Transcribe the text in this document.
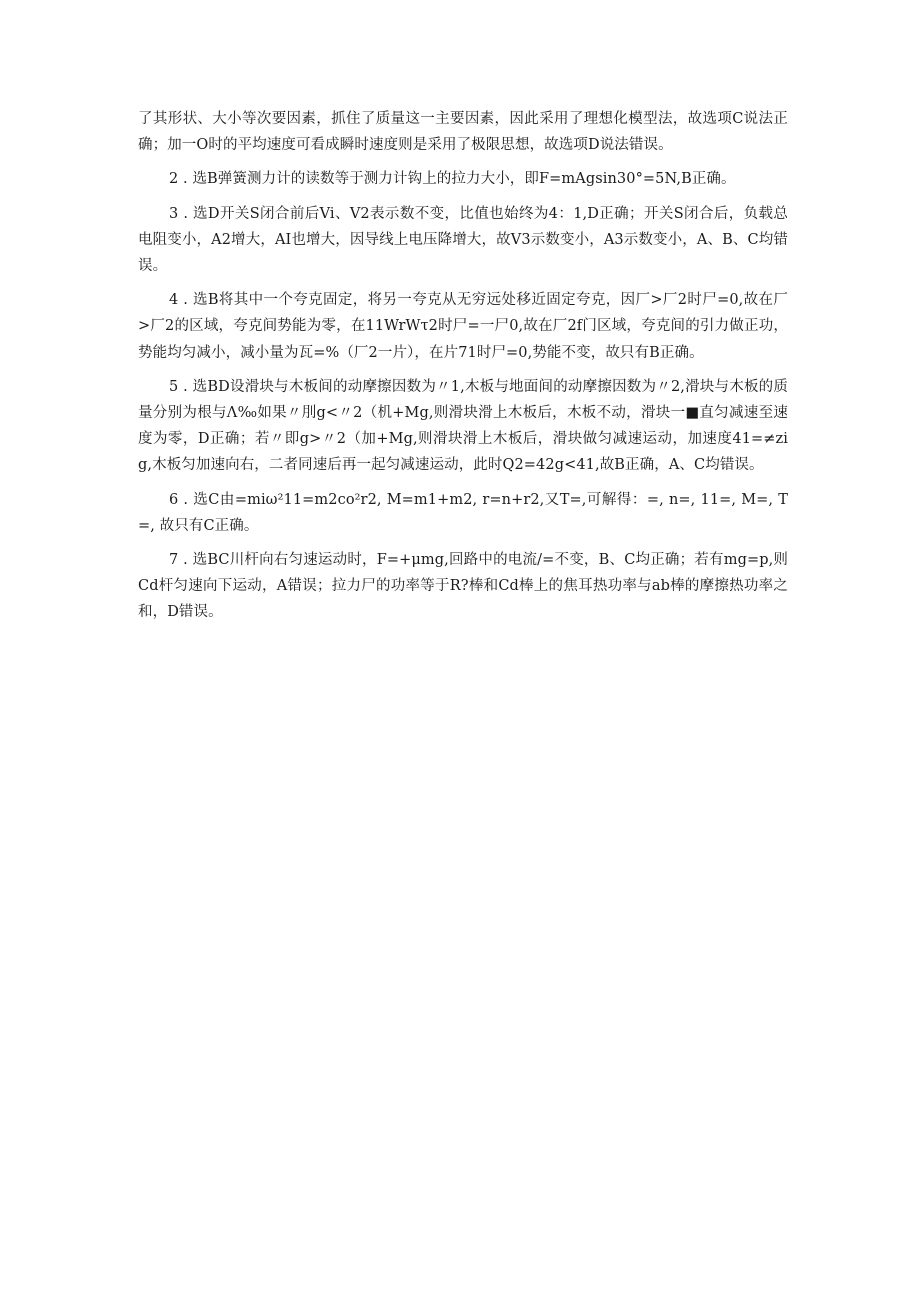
了其形状、大小等次要因素，抓住了质量这一主要因素，因此采用了理想化模型法，故选项C说法正确；加一O时的平均速度可看成瞬时速度则是采用了极限思想，故选项D说法错误。

2 . 选B弹簧测力计的读数等于测力计钩上的拉力大小，即F=mAgsin30°=5N,B正确。

3 . 选D开关S闭合前后Vi、V2表示数不变，比值也始终为4：1,D正确；开关S闭合后，负载总电阻变小，A2增大，AI也增大，因导线上电压降增大，故V3示数变小，A3示数变小，A、B、C均错误。

4 . 选B将其中一个夸克固定，将另一夸克从无穷远处移近固定夸克，因厂>厂2时尸=0,故在厂>厂2的区域，夸克间势能为零，在11WrWτ2时尸=一尸0,故在厂2f门区域，夸克间的引力做正功，势能均匀减小，减小量为瓦=%（厂2一片），在片71时尸=0,势能不变，故只有B正确。

5 . 选BD设滑块与木板间的动摩擦因数为〃1,木板与地面间的动摩擦因数为〃2,滑块与木板的质量分别为根与Λ‰如果〃刖g<〃2（机+Mg,则滑块滑上木板后，木板不动，滑块一■直匀减速至速度为零，D正确；若〃即g>〃2（加+Mg,则滑块滑上木板后，滑块做匀减速运动，加速度41=≠zig,木板匀加速向右，二者同速后再一起匀减速运动，此时Q2=42g<41,故B正确，A、C均错误。

6 . 选C由=miω²11=m2co²r2, M=m1+m2, r=n+r2,又T=,可解得：=, n=, 11=, M=, T=, 故只有C正确。

7 . 选BC川杆向右匀速运动时，F=+μmg,回路中的电流/=不变，B、C均正确；若有mg=p,则Cd杆匀速向下运动，A错误；拉力尸的功率等于R?棒和Cd棒上的焦耳热功率与ab棒的摩擦热功率之和，D错误。
